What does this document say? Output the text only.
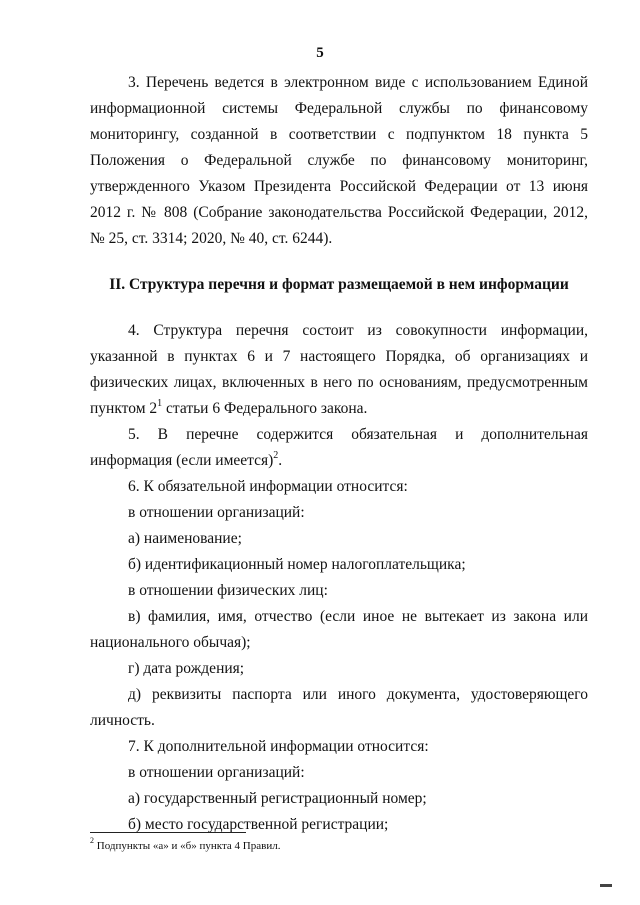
5

3. Перечень ведется в электронном виде с использованием Единой информационной системы Федеральной службы по финансовому мониторингу, созданной в соответствии с подпунктом 18 пункта 5 Положения о Федеральной службе по финансовому мониторинг, утвержденного Указом Президента Российской Федерации от 13 июня 2012 г. № 808 (Собрание законодательства Российской Федерации, 2012, № 25, ст. 3314; 2020, № 40, ст. 6244).

II. Структура перечня и формат размещаемой в нем информации

4. Структура перечня состоит из совокупности информации, указанной в пунктах 6 и 7 настоящего Порядка, об организациях и физических лицах, включенных в него по основаниям, предусмотренным пунктом $2^1$ статьи 6 Федерального закона.

5. В перечне содержится обязательная и дополнительная информация (если имеется)$^2$.

6. К обязательной информации относится:

в отношении организаций:

а) наименование;

б) идентификационный номер налогоплательщика;

в отношении физических лиц:

в) фамилия, имя, отчество (если иное не вытекает из закона или национального обычая);

г) дата рождения;

д) реквизиты паспорта или иного документа, удостоверяющего личность.

7. К дополнительной информации относится:

в отношении организаций:

а) государственный регистрационный номер;

б) место государственной регистрации;

$^2$ Подпункты «а» и «б» пункта 4 Правил.
